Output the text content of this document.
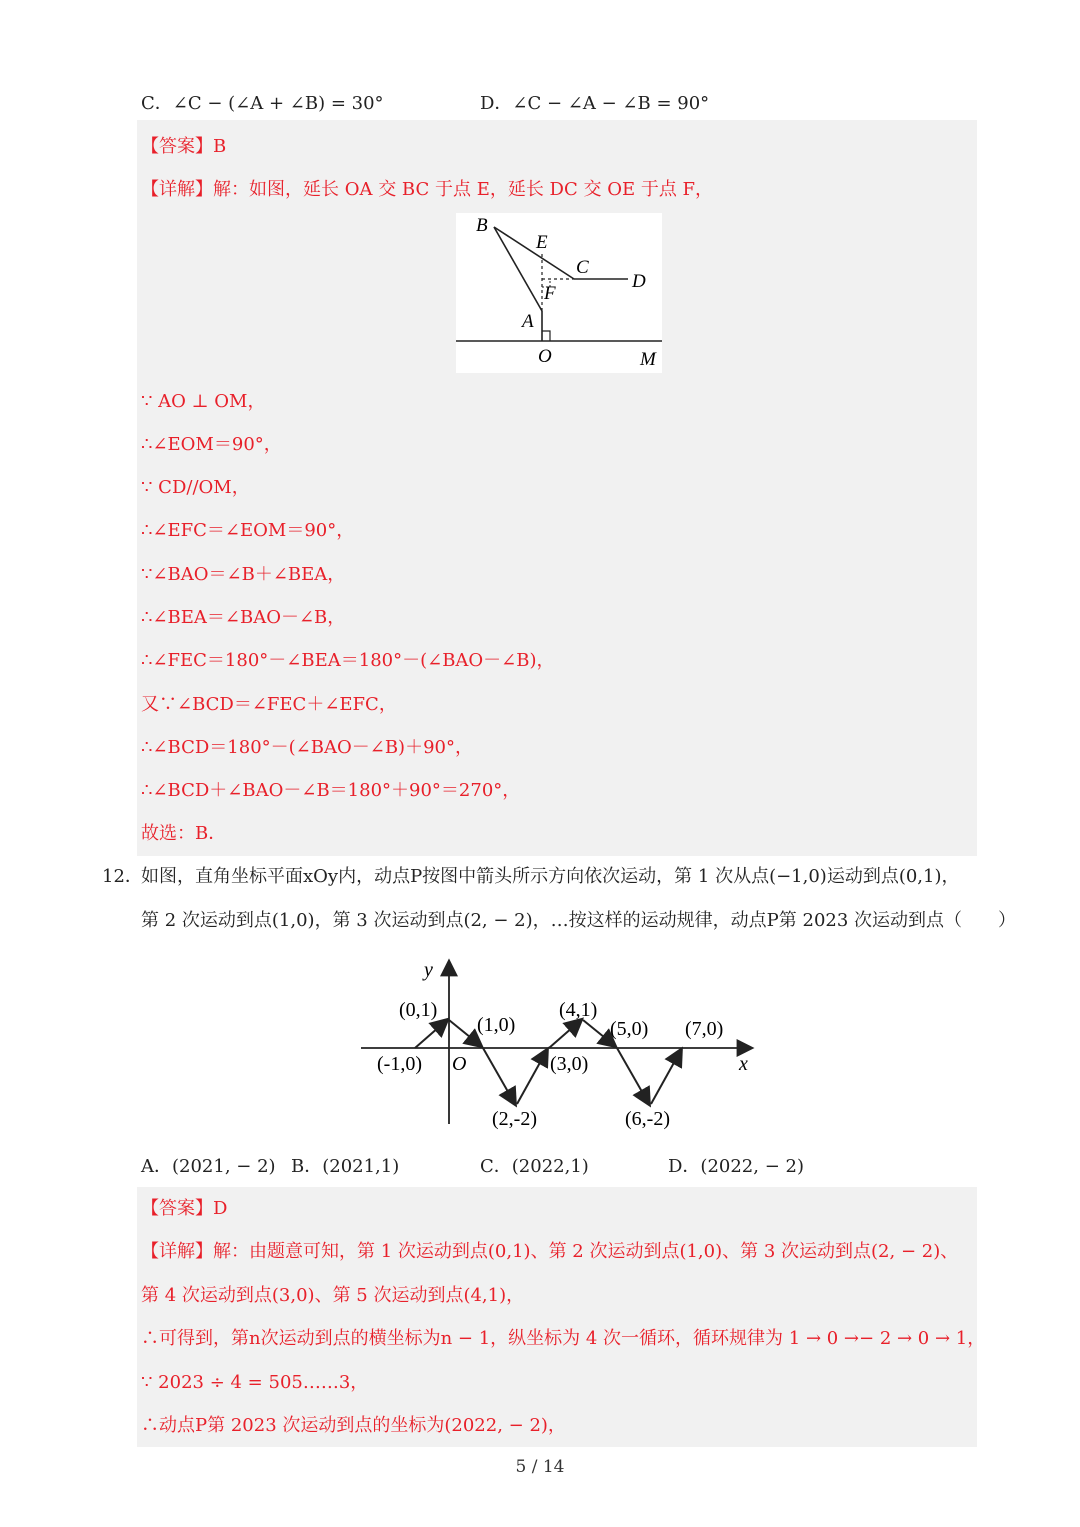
C．∠C − (∠A + ∠B) = 30°	D．∠C − ∠A − ∠B = 90°
【答案】B
【详解】解：如图，延长 OA 交 BC 于点 E，延长 DC 交 OE 于点 F，
B
E
C
D
F
A
O	M
∵ AO ⊥ OM，
∴∠EOM＝90°，
∵ CD//OM，
∴∠EFC＝∠EOM＝90°，
∵∠BAO＝∠B＋∠BEA，
∴∠BEA＝∠BAO－∠B，
∴∠FEC＝180°－∠BEA＝180°－(∠BAO－∠B)，
又∵∠BCD＝∠FEC＋∠EFC，
∴∠BCD＝180°－(∠BAO－∠B)＋90°，
∴∠BCD＋∠BAO－∠B＝180°＋90°＝270°，
故选：B．
12．
如图，直角坐标平面xOy内，动点P按图中箭头所示方向依次运动，第 1 次从点(−1,0)运动到点(0,1)，
第 2 次运动到点(1,0)，第 3 次运动到点(2, − 2)，…按这样的运动规律，动点P第 2023 次运动到点（　　）
y
x
O
(0,1)
(1,0)
(4,1)
(5,0) (7,0)
(-1,0)	(3,0)
(2,-2)	(6,-2)
A．(2021, − 2) B．(2021,1)	C．(2022,1)	D．(2022, − 2)
【答案】D
【详解】解：由题意可知，第 1 次运动到点(0,1)、第 2 次运动到点(1,0)、第 3 次运动到点(2, − 2)、
第 4 次运动到点(3,0)、第 5 次运动到点(4,1)，
∴可得到，第n次运动到点的横坐标为n − 1，纵坐标为 4 次一循环，循环规律为 1 → 0 →− 2 → 0 → 1，
∵ 2023 ÷ 4 = 505……3，
∴动点P第 2023 次运动到点的坐标为(2022, − 2)，
5 / 14
